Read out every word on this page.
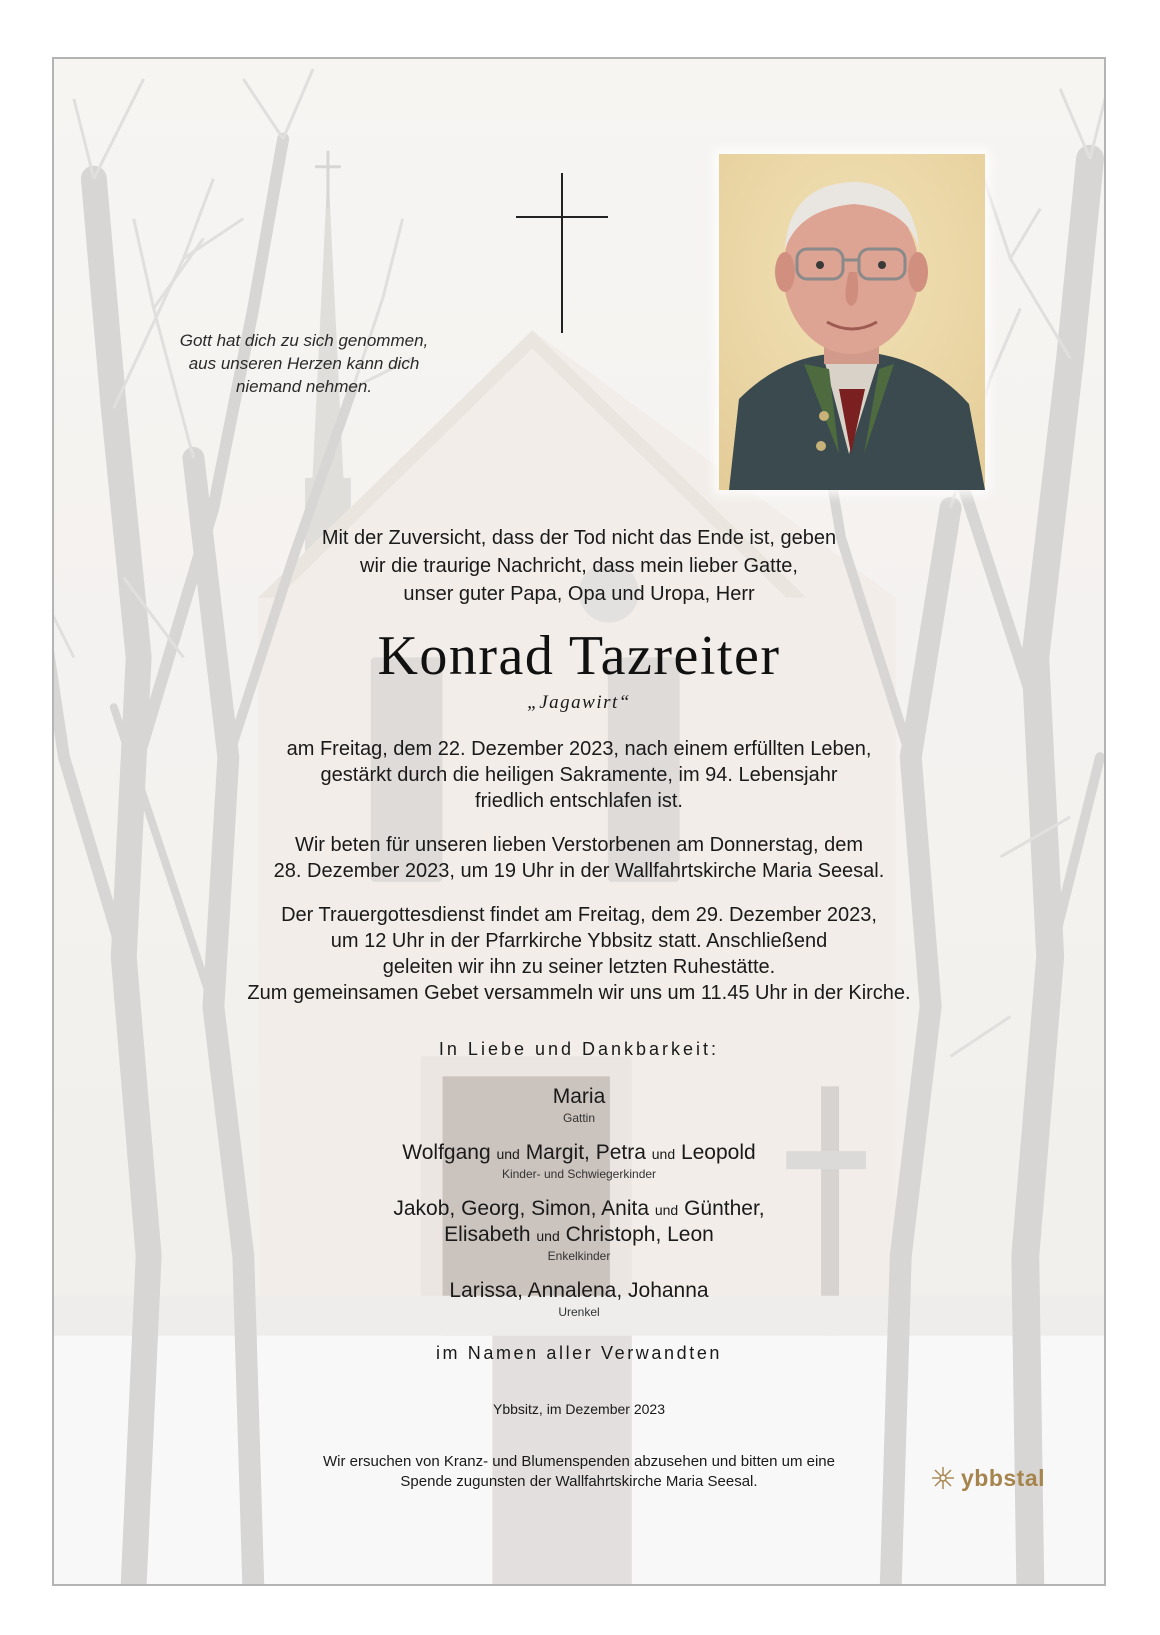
Gott hat dich zu sich genommen,
aus unseren Herzen kann dich
niemand nehmen.
Mit der Zuversicht, dass der Tod nicht das Ende ist, geben
wir die traurige Nachricht, dass mein lieber Gatte,
unser guter Papa, Opa und Uropa, Herr
Konrad Tazreiter
„Jagawirt“
am Freitag, dem 22. Dezember 2023, nach einem erfüllten Leben,
gestärkt durch die heiligen Sakramente, im 94. Lebensjahr
friedlich entschlafen ist.
Wir beten für unseren lieben Verstorbenen am Donnerstag, dem
28. Dezember 2023, um 19 Uhr in der Wallfahrtskirche Maria Seesal.
Der Trauergottesdienst findet am Freitag, dem 29. Dezember 2023,
um 12 Uhr in der Pfarrkirche Ybbsitz statt. Anschließend
geleiten wir ihn zu seiner letzten Ruhestätte.
Zum gemeinsamen Gebet versammeln wir uns um 11.45 Uhr in der Kirche.
In Liebe und Dankbarkeit:
Maria
Gattin
Wolfgang und Margit, Petra und Leopold
Kinder- und Schwiegerkinder
Jakob, Georg, Simon, Anita und Günther,
Elisabeth und Christoph, Leon
Enkelkinder
Larissa, Annalena, Johanna
Urenkel
im Namen aller Verwandten
Ybbsitz, im Dezember 2023
Wir ersuchen von Kranz- und Blumenspenden abzusehen und bitten um eine
Spende zugunsten der Wallfahrtskirche Maria Seesal.	ybbstal
